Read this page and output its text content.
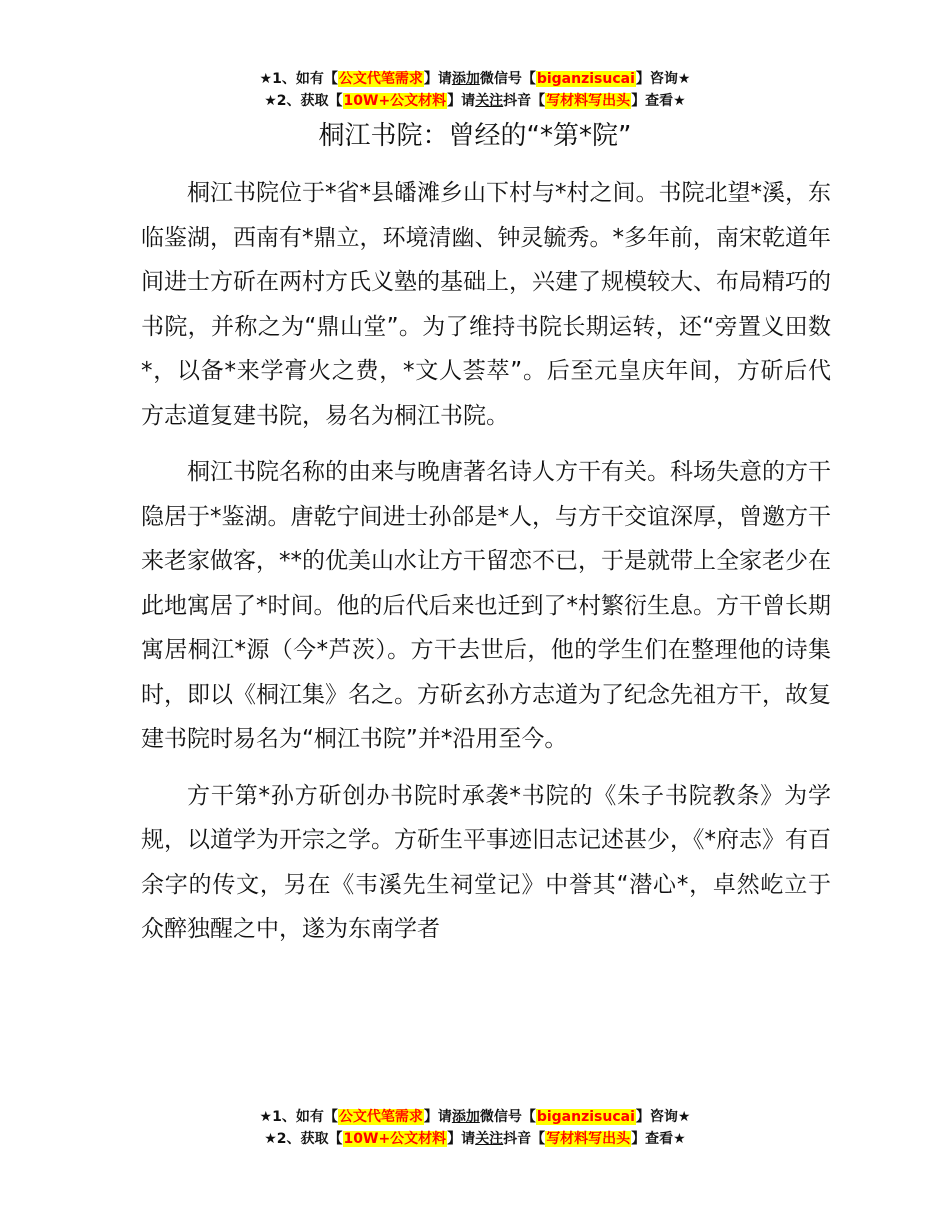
★1、如有【公文代笔需求】请添加微信号【biganzisucai】咨询★
★2、获取【10W+公文材料】请关注抖音【写材料写出头】查看★
桐江书院：曾经的“*第*院”

桐江书院位于*省*县皤滩乡山下村与*村之间。书院北望*溪，东临鉴湖，西南有*鼎立，环境清幽、钟灵毓秀。*多年前，南宋乾道年间进士方斫在两村方氏义塾的基础上，兴建了规模较大、布局精巧的书院，并称之为“鼎山堂”。为了维持书院长期运转，还“旁置义田数*，以备*来学膏火之费，*文人荟萃”。后至元皇庆年间，方斫后代方志道复建书院，易名为桐江书院。

桐江书院名称的由来与晚唐著名诗人方干有关。科场失意的方干隐居于*鉴湖。唐乾宁间进士孙郃是*人，与方干交谊深厚，曾邀方干来老家做客，**的优美山水让方干留恋不已，于是就带上全家老少在此地寓居了*时间。他的后代后来也迁到了*村繁衍生息。方干曾长期寓居桐江*源（今*芦茨）。方干去世后，他的学生们在整理他的诗集时，即以《桐江集》名之。方斫玄孙方志道为了纪念先祖方干，故复建书院时易名为“桐江书院”并*沿用至今。

方干第*孙方斫创办书院时承袭*书院的《朱子书院教条》为学规，以道学为开宗之学。方斫生平事迹旧志记述甚少，《*府志》有百余字的传文，另在《韦溪先生祠堂记》中誉其“潜心*，卓然屹立于众醉独醒之中，遂为东南学者

★1、如有【公文代笔需求】请添加微信号【biganzisucai】咨询★
★2、获取【10W+公文材料】请关注抖音【写材料写出头】查看★
